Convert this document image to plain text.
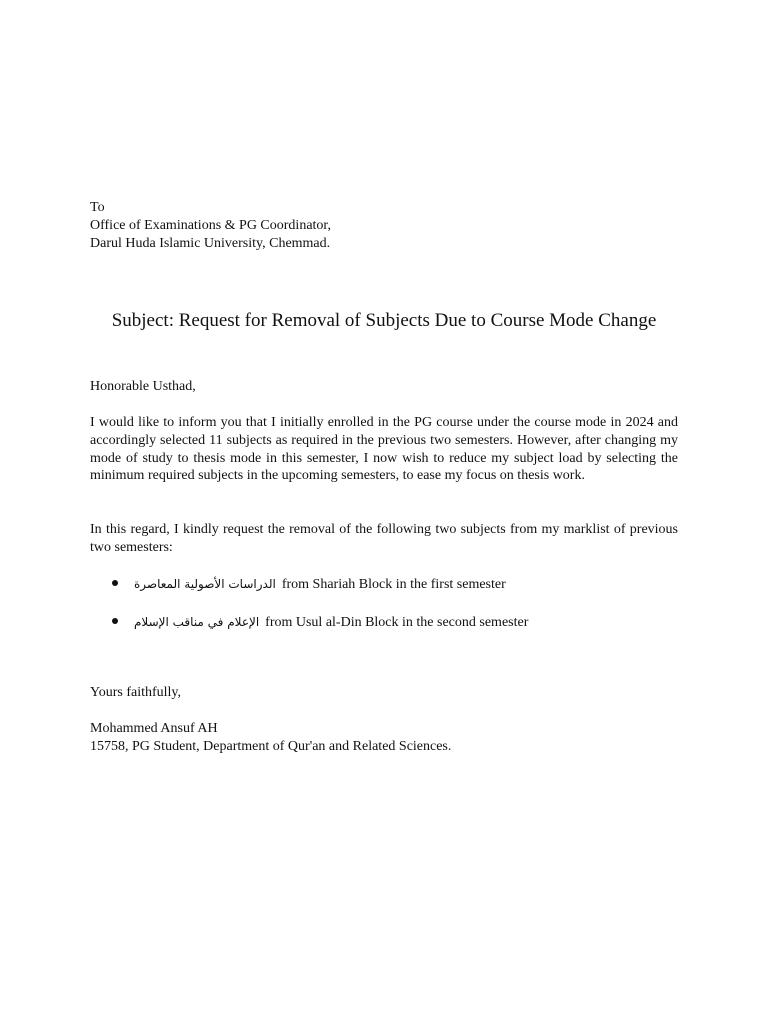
To
Office of Examinations & PG Coordinator,
Darul Huda Islamic University, Chemmad.
Subject: Request for Removal of Subjects Due to Course Mode Change
Honorable Usthad,

I would like to inform you that I initially enrolled in the PG course under the course mode in 2024 and accordingly selected 11 subjects as required in the previous two semesters. However, after changing my mode of study to thesis mode in this semester, I now wish to reduce my subject load by selecting the minimum required subjects in the upcoming semesters, to ease my focus on thesis work.

In this regard, I kindly request the removal of the following two subjects from my marklist of previous two semesters:

الدراسات الأصولية المعاصرة from Shariah Block in the first semester
الإعلام في مناقب الإسلام from Usul al-Din Block in the second semester
Yours faithfully,
Mohammed Ansuf AH
15758, PG Student, Department of Qur'an and Related Sciences.
